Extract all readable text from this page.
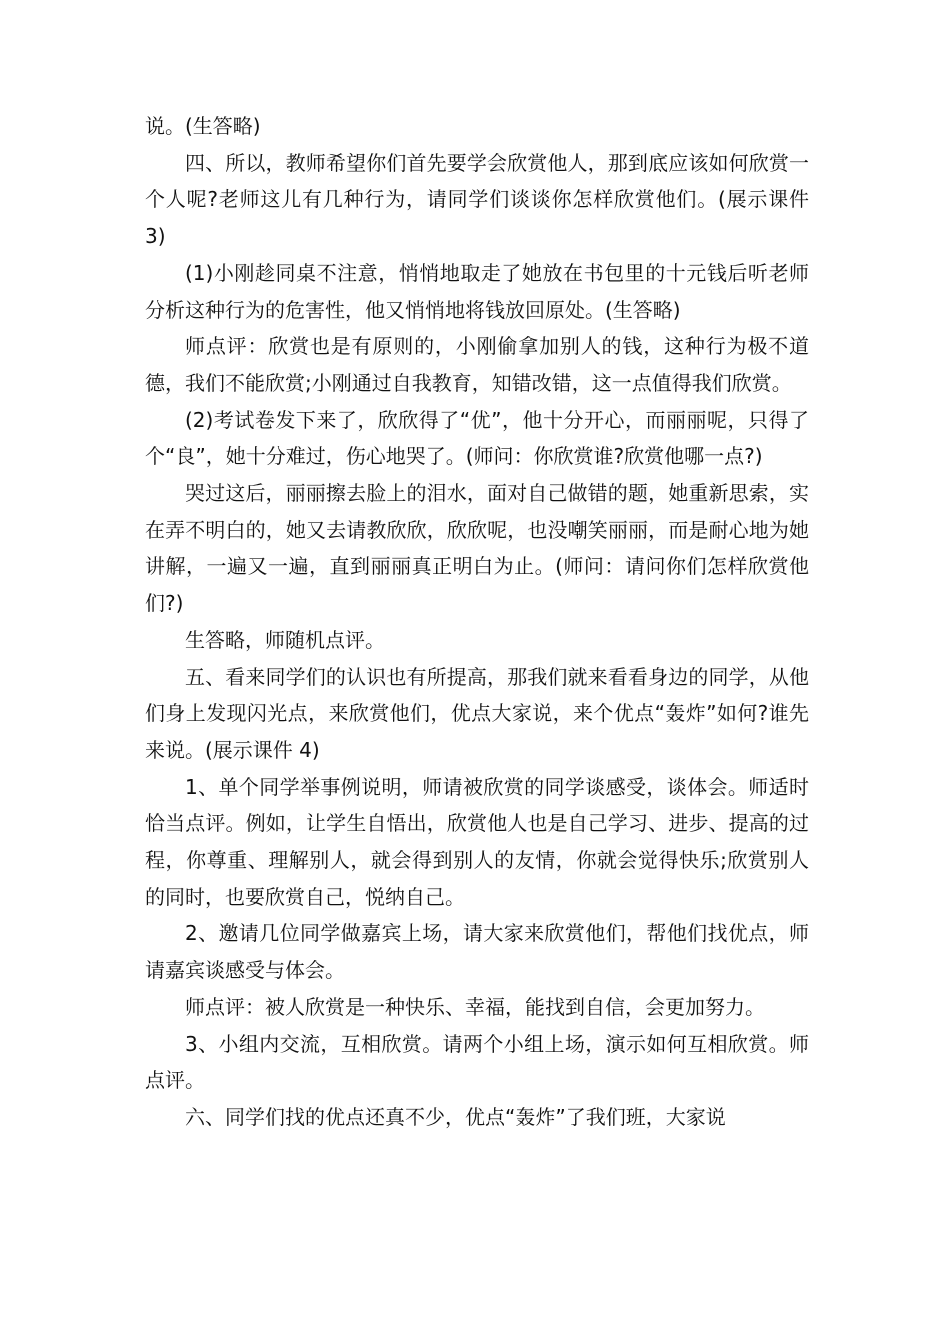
说。(生答略)

四、所以，教师希望你们首先要学会欣赏他人，那到底应该如何欣赏一个人呢?老师这儿有几种行为，请同学们谈谈你怎样欣赏他们。(展示课件 3)

(1)小刚趁同桌不注意，悄悄地取走了她放在书包里的十元钱后听老师分析这种行为的危害性，他又悄悄地将钱放回原处。(生答略)

师点评：欣赏也是有原则的，小刚偷拿加别人的钱，这种行为极不道德，我们不能欣赏;小刚通过自我教育，知错改错，这一点值得我们欣赏。

(2)考试卷发下来了，欣欣得了“优”，他十分开心，而丽丽呢，只得了个“良”，她十分难过，伤心地哭了。(师问：你欣赏谁?欣赏他哪一点?)

哭过这后，丽丽擦去脸上的泪水，面对自己做错的题，她重新思索，实在弄不明白的，她又去请教欣欣，欣欣呢，也没嘲笑丽丽，而是耐心地为她讲解，一遍又一遍，直到丽丽真正明白为止。(师问：请问你们怎样欣赏他们?)

生答略，师随机点评。

五、看来同学们的认识也有所提高，那我们就来看看身边的同学，从他们身上发现闪光点，来欣赏他们，优点大家说，来个优点“轰炸”如何?谁先来说。(展示课件 4)

1、单个同学举事例说明，师请被欣赏的同学谈感受，谈体会。师适时恰当点评。例如，让学生自悟出，欣赏他人也是自己学习、进步、提高的过程，你尊重、理解别人，就会得到别人的友情，你就会觉得快乐;欣赏别人的同时，也要欣赏自己，悦纳自己。

2、邀请几位同学做嘉宾上场，请大家来欣赏他们，帮他们找优点，师请嘉宾谈感受与体会。

师点评：被人欣赏是一种快乐、幸福，能找到自信，会更加努力。

3、小组内交流，互相欣赏。请两个小组上场，演示如何互相欣赏。师点评。

六、同学们找的优点还真不少，优点“轰炸”了我们班，大家说
